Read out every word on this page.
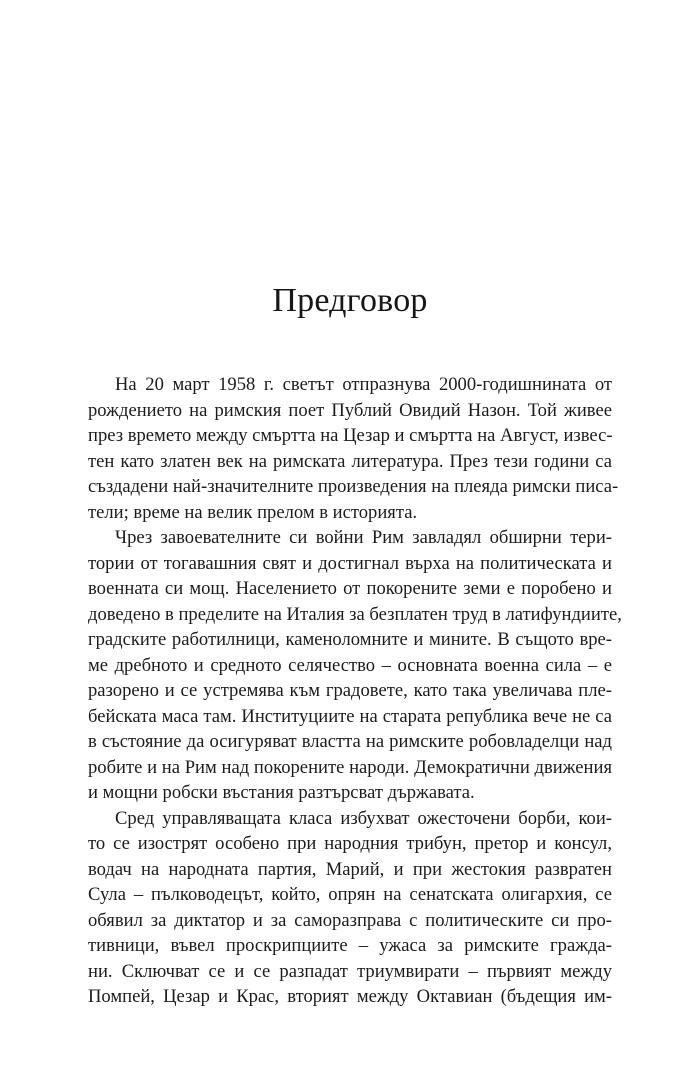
Предговор
На 20 март 1958 г. светът отпразнува 2000-годишнината от
рождението на римския поет Публий Овидий Назон. Той живее
през времето между смъртта на Цезар и смъртта на Август, извес-
тен като златен век на римската литература. През тези години са
създадени най-значителните произведения на плеяда римски писа-
тели; време на велик прелом в историята.
Чрез завоевателните си войни Рим завладял обширни тери-
тории от тогавашния свят и достигнал върха на политическата и
военната си мощ. Населението от покорените земи е поробено и
доведено в пределите на Италия за безплатен труд в латифундиите,
градските работилници, каменоломните и мините. В същото вре-
ме дребното и средното селячество – основната военна сила – е
разорено и се устремява към градовете, като така увеличава пле-
бейската маса там. Институциите на старата република вече не са
в състояние да осигуряват властта на римските робовладелци над
робите и на Рим над покорените народи. Демократични движения
и мощни робски въстания разтърсват държавата.
Сред управляващата класа избухват ожесточени борби, кои-
то се изострят особено при народния трибун, претор и консул,
водач на народната партия, Марий, и при жестокия развратен
Сула – пълководецът, който, опрян на сенатската олигархия, се
обявил за диктатор и за саморазправа с политическите си про-
тивници, въвел проскрипциите – ужаса за римските гражда-
ни. Сключват се и се разпадат триумвирати – първият между
Помпей, Цезар и Крас, вторият между Октавиан (бъдещия им-
